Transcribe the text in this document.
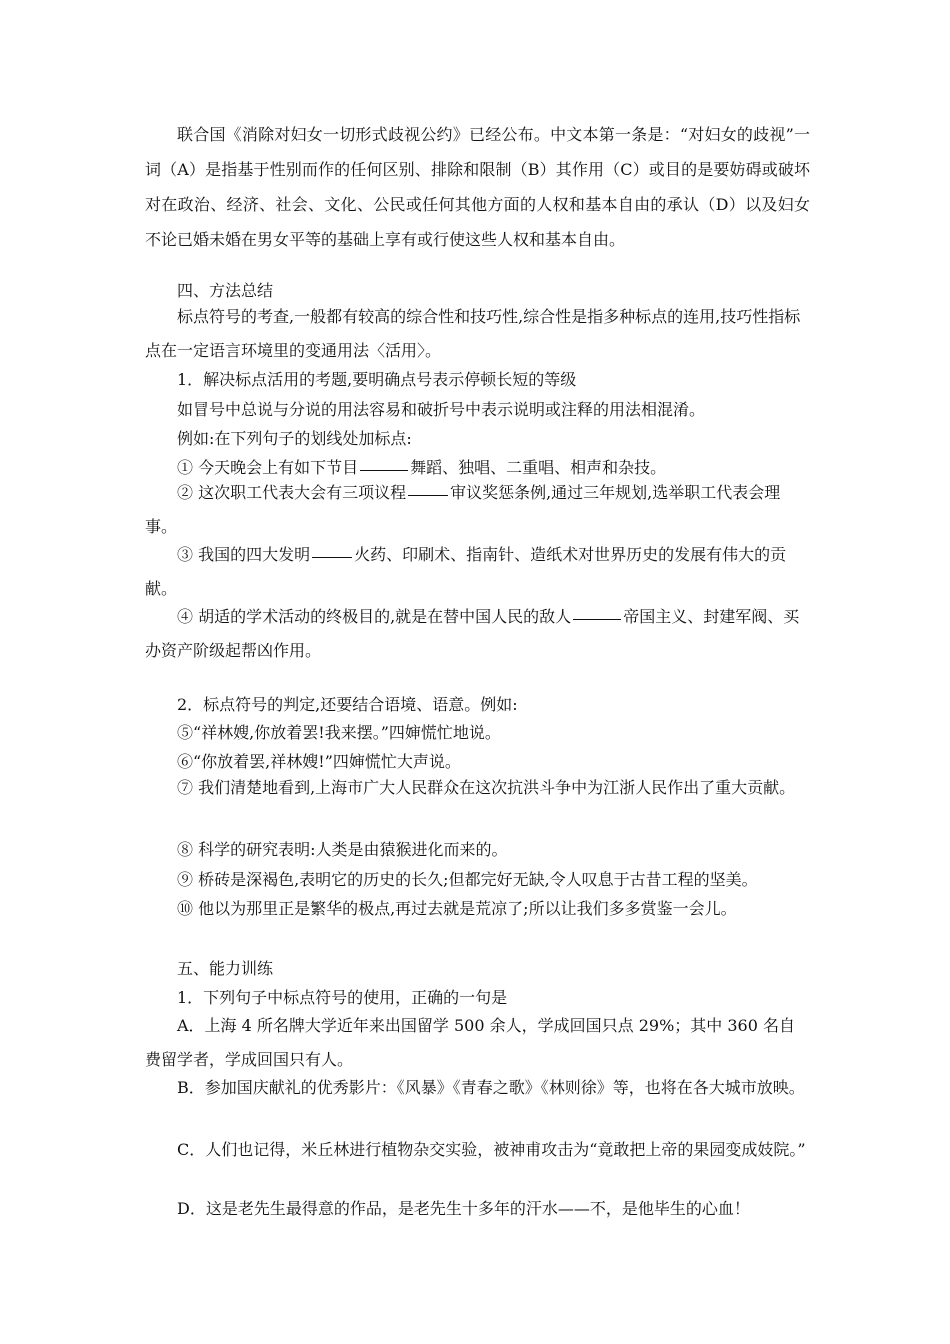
联合国《消除对妇女一切形式歧视公约》已经公布。中文本第一条是：“对妇女的歧视”一词（A）是指基于性别而作的任何区别、排除和限制（B）其作用（C）或目的是要妨碍或破坏对在政治、经济、社会、文化、公民或任何其他方面的人权和基本自由的承认（D）以及妇女不论已婚未婚在男女平等的基础上享有或行使这些人权和基本自由。

四、方法总结

标点符号的考查,一般都有较高的综合性和技巧性,综合性是指多种标点的连用,技巧性指标点在一定语言环境里的变通用法〈活用〉。

1．解决标点活用的考题,要明确点号表示停顿长短的等级

如冒号中总说与分说的用法容易和破折号中表示说明或注释的用法相混淆。

例如:在下列句子的划线处加标点:

① 今天晚会上有如下节目	舞蹈、独唱、二重唱、相声和杂技。

② 这次职工代表大会有三项议程	审议奖惩条例,通过三年规划,选举职工代表会理事。

③ 我国的四大发明	火药、印刷术、指南针、造纸术对世界历史的发展有伟大的贡献。

④ 胡适的学术活动的终极目的,就是在替中国人民的敌人	帝国主义、封建军阀、买办资产阶级起帮凶作用。

2．标点符号的判定,还要结合语境、语意。例如:

⑤“祥林嫂,你放着罢!我来摆。”四婶慌忙地说。

⑥“你放着罢,祥林嫂!”四婶慌忙大声说。

⑦ 我们清楚地看到,上海市广大人民群众在这次抗洪斗争中为江浙人民作出了重大贡献。

⑧ 科学的研究表明:人类是由猿猴进化而来的。

⑨ 桥砖是深褐色,表明它的历史的长久;但都完好无缺,令人叹息于古昔工程的坚美。

⑩ 他以为那里正是繁华的极点,再过去就是荒凉了;所以让我们多多赏鉴一会儿。

五、能力训练

1．下列句子中标点符号的使用，正确的一句是

A．上海 4 所名牌大学近年来出国留学 500 余人，学成回国只点 29%；其中 360 名自费留学者，学成回国只有人。

B．参加国庆献礼的优秀影片：《风暴》《青春之歌》《林则徐》等，也将在各大城市放映。

C．人们也记得，米丘林进行植物杂交实验，被神甫攻击为“竟敢把上帝的果园变成妓院。”

D．这是老先生最得意的作品，是老先生十多年的汗水——不，是他毕生的心血！
